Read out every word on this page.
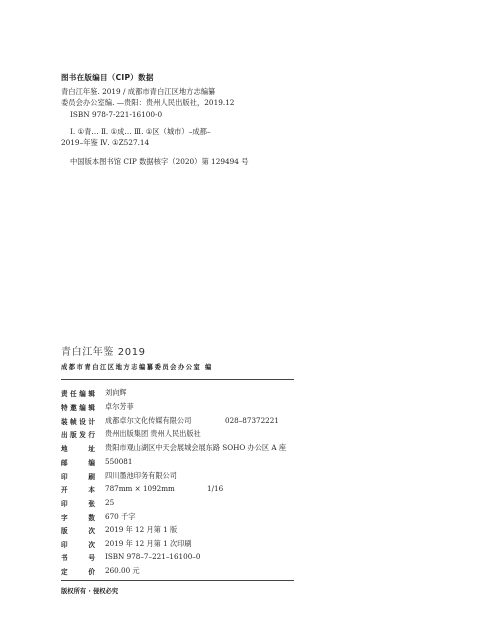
图书在版编目（CIP）数据
青白江年鉴. 2019 / 成都市青白江区地方志编纂
委员会办公室编. —贵阳：贵州人民出版社，2019.12
ISBN 978-7-221-16100-0
Ⅰ. ①青… Ⅱ. ①成… Ⅲ. ①区（城市）–成都–
2019–年鉴 Ⅳ. ①Z527.14
中国版本图书馆 CIP 数据核字（2020）第 129494 号
青白江年鉴 2019
成都市青白江区地方志编纂委员会办公室 编
责任编辑 刘向辉
特邀编辑 卓尔芳菲
装帧设计 成都卓尔文化传媒有限公司	028–87372221
出版发行 贵州出版集团 贵州人民出版社
地址 贵阳市观山湖区中天会展城会展东路 SOHO 办公区 A 座
邮编 550081
印刷 四川墨池印务有限公司
开本 787mm × 1092mm	1/16
印张 25
字数 670 千字
版次 2019 年 12 月第 1 版
印次 2019 年 12 月第 1 次印刷
书号 ISBN 978–7–221–16100–0
定价 260.00 元
版权所有 · 侵权必究
